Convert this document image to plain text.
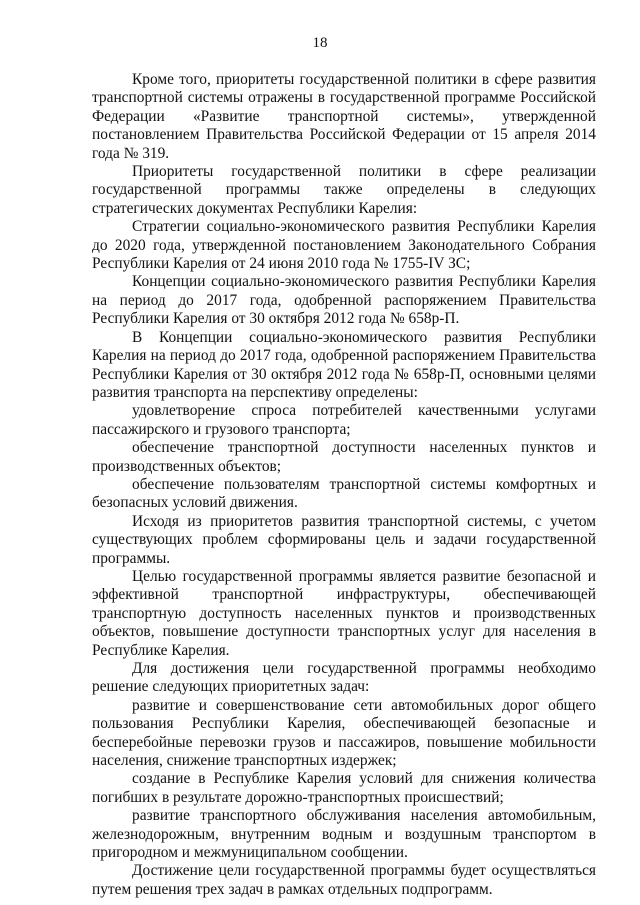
18

Кроме того, приоритеты государственной политики в сфере развития транспортной системы отражены в государственной программе Российской Федерации «Развитие транспортной системы», утвержденной постановлением Правительства Российской Федерации от 15 апреля 2014 года № 319.

Приоритеты государственной политики в сфере реализации государственной программы также определены в следующих стратегических документах Республики Карелия:

Стратегии социально-экономического развития Республики Карелия до 2020 года, утвержденной постановлением Законодательного Собрания Республики Карелия от 24 июня 2010 года № 1755-IV ЗС;

Концепции социально-экономического развития Республики Карелия на период до 2017 года, одобренной распоряжением Правительства Республики Карелия от 30 октября 2012 года № 658р-П.

В Концепции социально-экономического развития Республики Карелия на период до 2017 года, одобренной распоряжением Правительства Республики Карелия от 30 октября 2012 года № 658р-П, основными целями развития транспорта на перспективу определены:

удовлетворение спроса потребителей качественными услугами пассажирского и грузового транспорта;

обеспечение транспортной доступности населенных пунктов и производственных объектов;

обеспечение пользователям транспортной системы комфортных и безопасных условий движения.

Исходя из приоритетов развития транспортной системы, с учетом существующих проблем сформированы цель и задачи государственной программы.

Целью государственной программы является развитие безопасной и эффективной транспортной инфраструктуры, обеспечивающей транспортную доступность населенных пунктов и производственных объектов, повышение доступности транспортных услуг для населения в Республике Карелия.

Для достижения цели государственной программы необходимо решение следующих приоритетных задач:

развитие и совершенствование сети автомобильных дорог общего пользования Республики Карелия, обеспечивающей безопасные и бесперебойные перевозки грузов и пассажиров, повышение мобильности населения, снижение транспортных издержек;

создание в Республике Карелия условий для снижения количества погибших в результате дорожно-транспортных происшествий;

развитие транспортного обслуживания населения автомобильным, железнодорожным, внутренним водным и воздушным транспортом в пригородном и межмуниципальном сообщении.

Достижение цели государственной программы будет осуществляться путем решения трех задач в рамках отдельных подпрограмм.
